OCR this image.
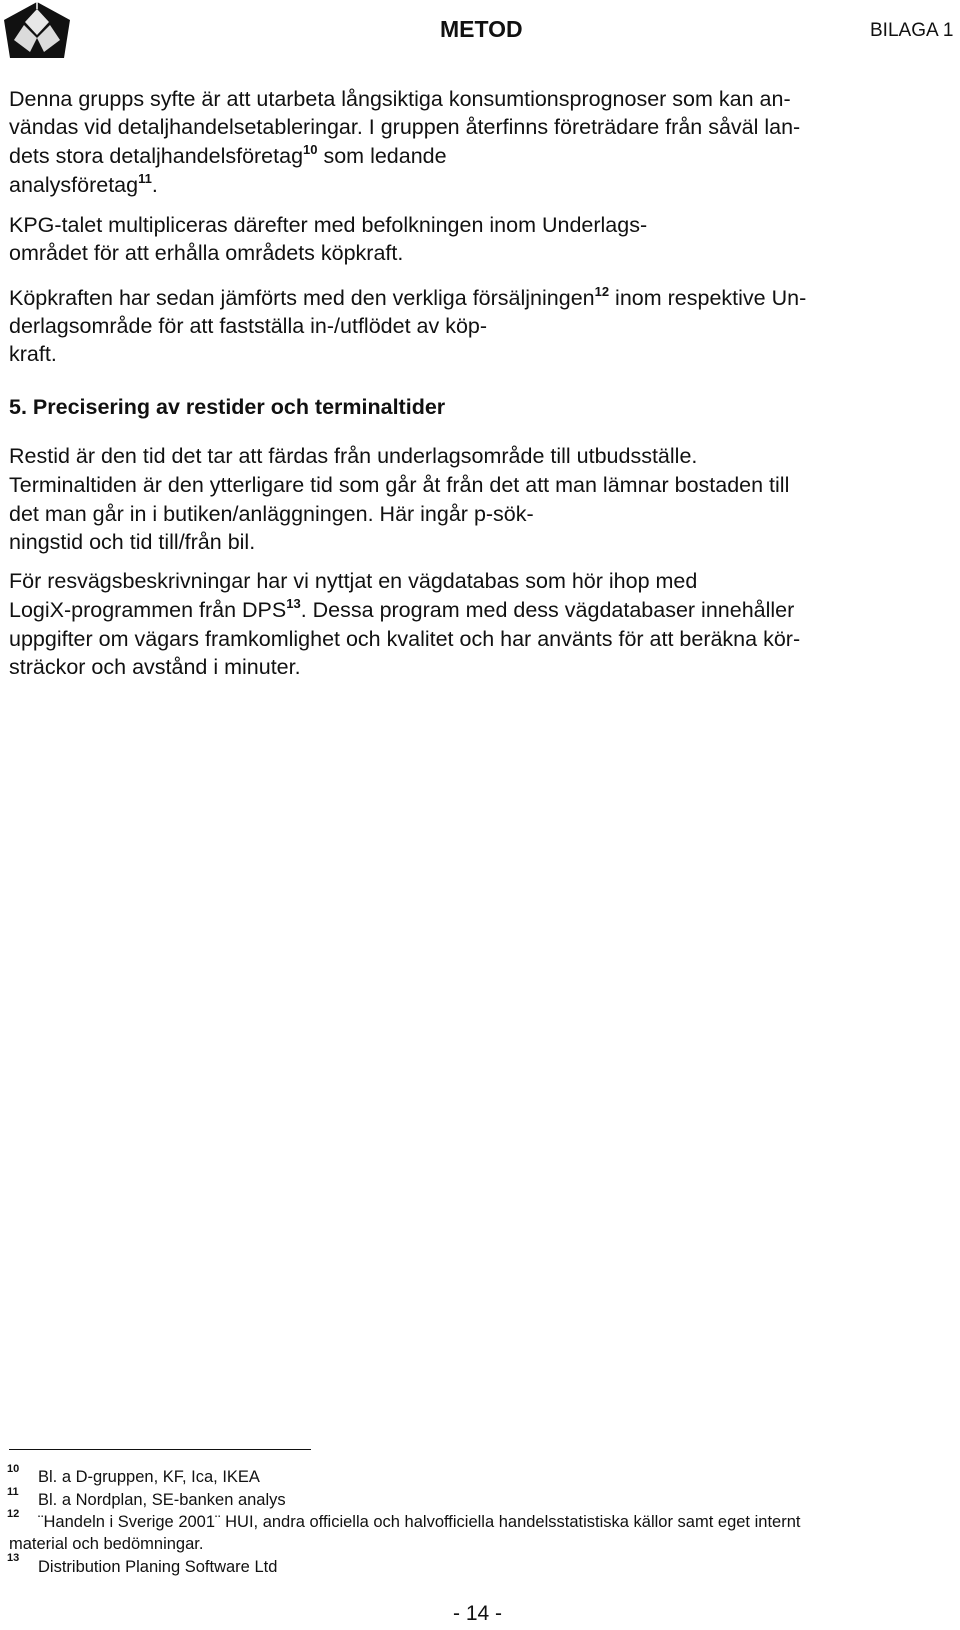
METOD	BILAGA 1
Denna grupps syfte är att utarbeta långsiktiga konsumtionsprognoser som kan an-
vändas vid detaljhandelsetableringar. I gruppen återfinns företrädare från såväl lan-
dets stora detaljhandelsföretag$^{10}$ som ledande
analysföretag$^{11}$.
KPG-talet multipliceras därefter med befolkningen inom Underlags-
området för att erhålla områdets köpkraft.
Köpkraften har sedan jämförts med den verkliga försäljningen$^{12}$ inom respektive Un-
derlagsområde för att fastställa in-/utflödet av köp-
kraft.
5. Precisering av restider och terminaltider
Restid är den tid det tar att färdas från underlagsområde till utbudsställe.
Terminaltiden är den ytterligare tid som går åt från det att man lämnar bostaden till
det man går in i butiken/anläggningen. Här ingår p-sök-
ningstid och tid till/från bil.
För resvägsbeskrivningar har vi nyttjat en vägdatabas som hör ihop med
LogiX-programmen från DPS$^{13}$. Dessa program med dess vägdatabaser innehåller
uppgifter om vägars framkomlighet och kvalitet och har använts för att beräkna kör-
sträckor och avstånd i minuter.
10 Bl. a D-gruppen, KF, Ica, IKEA
11 Bl. a Nordplan, SE-banken analys
12 ¨Handeln i Sverige 2001¨ HUI, andra officiella och halvofficiella handelsstatistiska källor samt eget internt
material och bedömningar.
13 Distribution Planing Software Ltd
- 14 -
